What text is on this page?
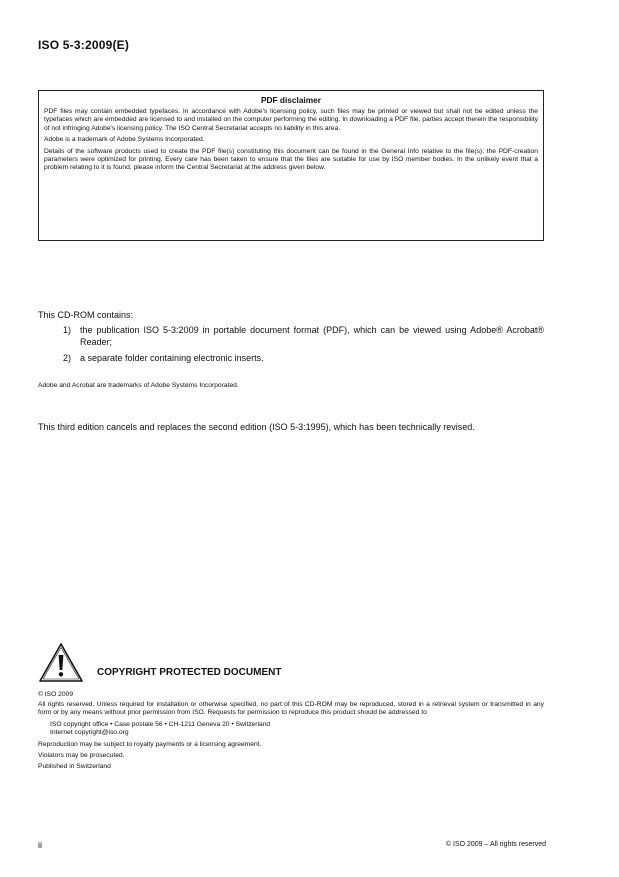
ISO 5-3:2009(E)
PDF disclaimer

PDF files may contain embedded typefaces. In accordance with Adobe's licensing policy, such files may be printed or viewed but shall not be edited unless the typefaces which are embedded are licensed to and installed on the computer performing the editing. In downloading a PDF file, parties accept therein the responsibility of not infringing Adobe's licensing policy. The ISO Central Secretariat accepts no liability in this area.

Adobe is a trademark of Adobe Systems Incorporated.

Details of the software products used to create the PDF file(s) constituting this document can be found in the General Info relative to the file(s); the PDF-creation parameters were optimized for printing. Every care has been taken to ensure that the files are suitable for use by ISO member bodies. In the unlikely event that a problem relating to it is found, please inform the Central Secretariat at the address given below.

This CD-ROM contains:
1)	the publication ISO 5-3:2009 in portable document format (PDF), which can be viewed using Adobe® Acrobat® Reader;
2)	a separate folder containing electronic inserts.
Adobe and Acrobat are trademarks of Adobe Systems Incorporated.
This third edition cancels and replaces the second edition (ISO 5-3:1995), which has been technically revised.
COPYRIGHT PROTECTED DOCUMENT
© ISO 2009

All rights reserved. Unless required for installation or otherwise specified, no part of this CD-ROM may be reproduced, stored in a retrieval system or transmitted in any form or by any means without prior permission from ISO. Requests for permission to reproduce this product should be addressed to

ISO copyright office • Case postale 56 • CH-1211 Geneva 20 • Switzerland

Internet copyright@iso.org

Reproduction may be subject to royalty payments or a licensing agreement.

Violators may be prosecuted.

Published in Switzerland

ii	© ISO 2009 – All rights reserved
